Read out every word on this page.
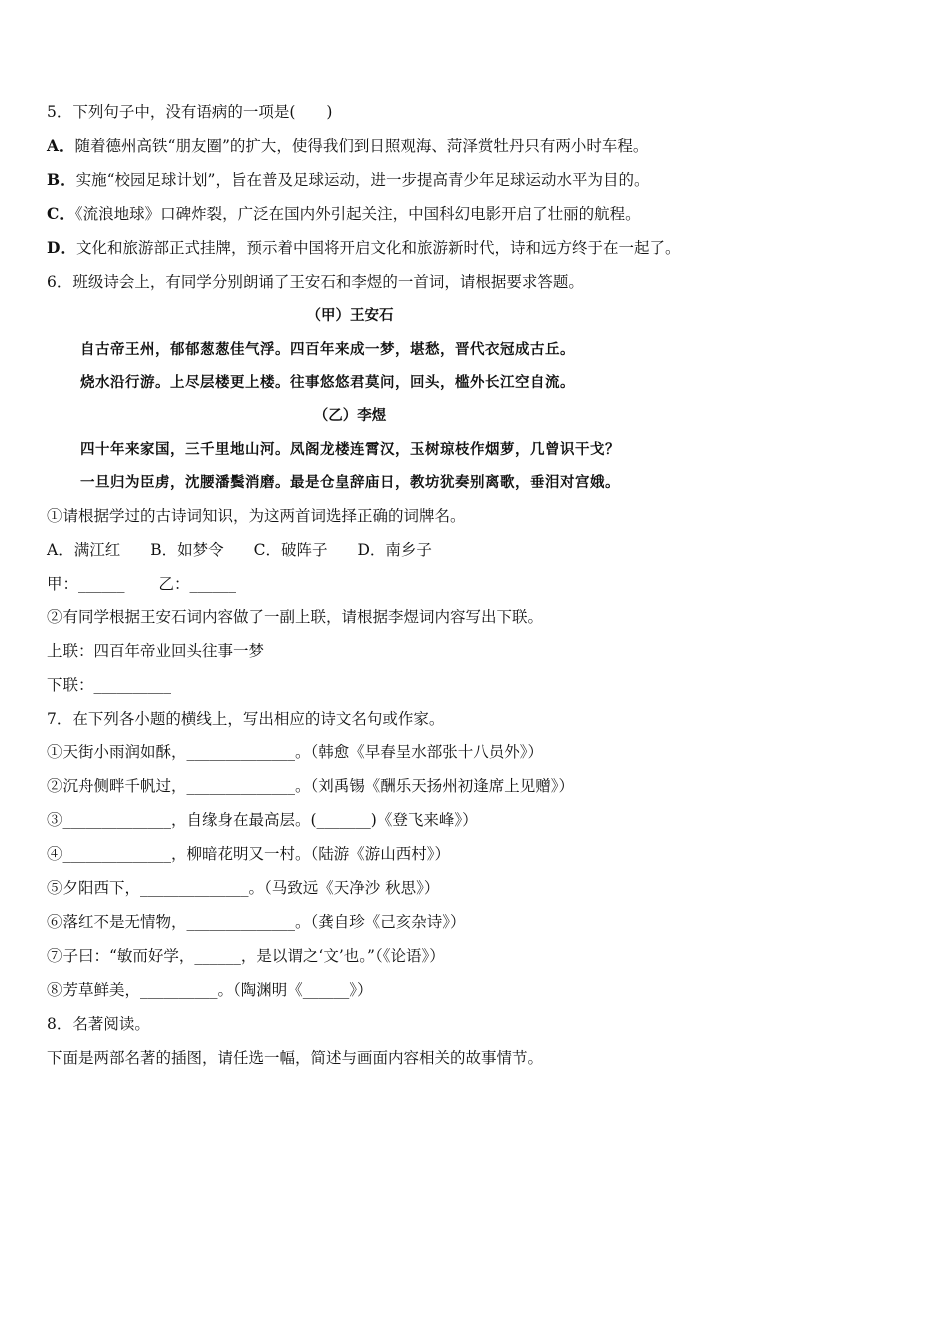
5．下列句子中，没有语病的一项是(　　)
A．随着德州高铁“朋友圈”的扩大，使得我们到日照观海、菏泽赏牡丹只有两小时车程。
B．实施“校园足球计划”，旨在普及足球运动，进一步提高青少年足球运动水平为目的。
C．《流浪地球》口碑炸裂，广泛在国内外引起关注，中国科幻电影开启了壮丽的航程。
D．文化和旅游部正式挂牌，预示着中国将开启文化和旅游新时代，诗和远方终于在一起了。
6．班级诗会上，有同学分别朗诵了王安石和李煜的一首词，请根据要求答题。
（甲）王安石
自古帝王州，郁郁葱葱佳气浮。四百年来成一梦，堪愁，晋代衣冠成古丘。
烧水沿行游。上尽层楼更上楼。往事悠悠君莫问，回头，槛外长江空自流。
（乙）李煜
四十年来家国，三千里地山河。凤阁龙楼连霄汉，玉树琼枝作烟萝，几曾识干戈？
一旦归为臣虏，沈腰潘鬓消磨。最是仓皇辞庙日，教坊犹奏别离歌，垂泪对宫娥。
①请根据学过的古诗词知识，为这两首词选择正确的词牌名。
A．满江红 B．如梦令 C．破阵子 D．南乡子
甲：______ 乙：______
②有同学根据王安石词内容做了一副上联，请根据李煜词内容写出下联。
上联：四百年帝业回头往事一梦
下联：__________
7．在下列各小题的横线上，写出相应的诗文名句或作家。
①天街小雨润如酥，______________。（韩愈《早春呈水部张十八员外》）
②沉舟侧畔千帆过，______________。（刘禹锡《酬乐天扬州初逢席上见赠》）
③______________，自缘身在最高层。(_______)《登飞来峰》）
④______________，柳暗花明又一村。（陆游《游山西村》）
⑤夕阳西下，______________。（马致远《天净沙 秋思》）
⑥落红不是无情物，______________。（龚自珍《己亥杂诗》）
⑦子曰：“敏而好学，______，是以谓之‘文’也。”（《论语》）
⑧芳草鲜美，__________。（陶渊明《______》）
8．名著阅读。
下面是两部名著的插图，请任选一幅，简述与画面内容相关的故事情节。
